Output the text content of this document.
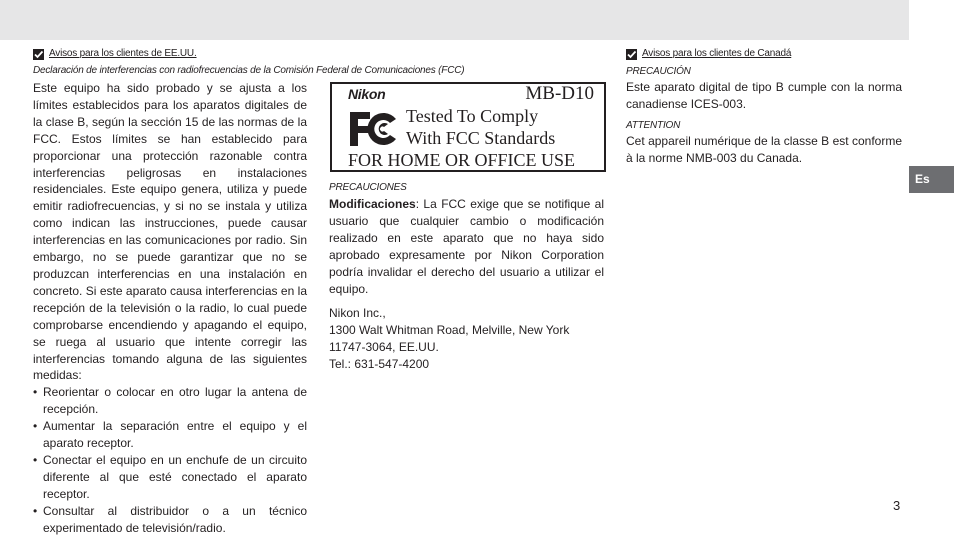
Avisos para los clientes de EE.UU.
Declaración de interferencias con radiofrecuencias de la Comisión Federal de Comunicaciones (FCC)

Este equipo ha sido probado y se ajusta a los límites establecidos para los aparatos digitales de la clase B, según la sección 15 de las normas de la FCC. Estos límites se han establecido para proporcionar una protección razonable contra interferencias peligrosas en instalaciones residenciales. Este equipo genera, utiliza y puede emitir radiofrecuencias, y si no se instala y utiliza como indican las instrucciones, puede causar interferencias en las comunicaciones por radio. Sin embargo, no se puede garantizar que no se produzcan interferencias en una instalación en concreto. Si este aparato causa interferencias en la recepción de la televisión o la radio, lo cual puede comprobarse encendiendo y apagando el equipo, se ruega al usuario que intente corregir las interferencias tomando alguna de las siguientes medidas:

• Reorientar o colocar en otro lugar la antena de recepción.
• Aumentar la separación entre el equipo y el aparato receptor.
• Conectar el equipo en un enchufe de un circuito diferente al que esté conectado el aparato receptor.
• Consultar al distribuidor o a un técnico experimentado de televisión/radio.
Nikon	MB-D10
Tested To Comply
With FCC Standards
FOR HOME OR OFFICE USE
PRECAUCIONES

Modificaciones: La FCC exige que se notifique al usuario que cualquier cambio o modificación realizado en este aparato que no haya sido aprobado expresamente por Nikon Corporation podría invalidar el derecho del usuario a utilizar el equipo.

Nikon Inc.,

1300 Walt Whitman Road, Melville, New York

11747-3064, EE.UU.

Tel.: 631-547-4200

Avisos para los clientes de Canadá
PRECAUCIÓN
Este aparato digital de tipo B cumple con la norma canadiense ICES-003.
ATTENTION
Cet appareil numérique de la classe B est conforme à la norme NMB-003 du Canada.
Es
3
